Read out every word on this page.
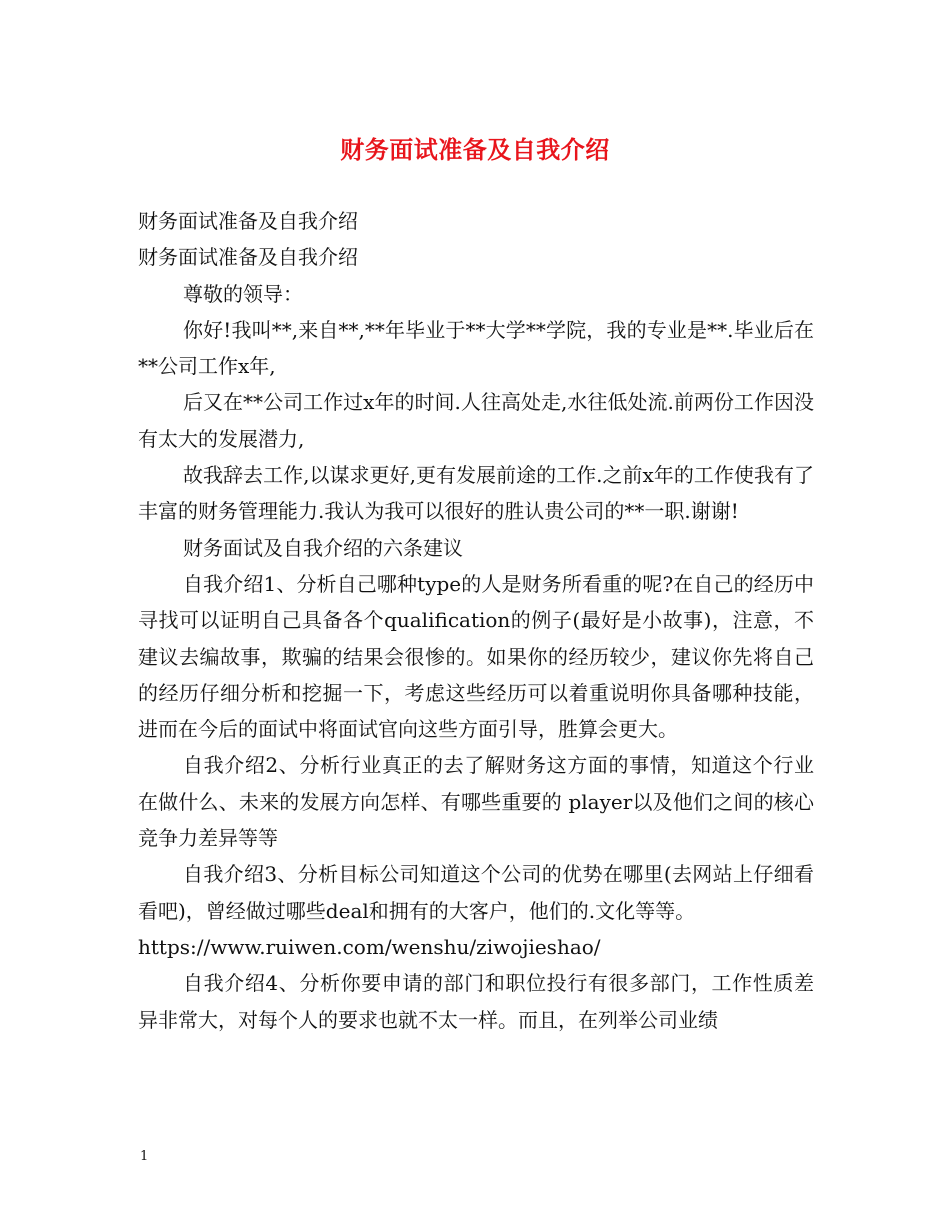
财务面试准备及自我介绍

财务面试准备及自我介绍

财务面试准备及自我介绍

尊敬的领导：

你好!我叫**,来自**,**年毕业于**大学**学院，我的专业是**.毕业后在**公司工作x年,

后又在**公司工作过x年的时间.人往高处走,水往低处流.前两份工作因没有太大的发展潜力,

故我辞去工作,以谋求更好,更有发展前途的工作.之前x年的工作使我有了丰富的财务管理能力.我认为我可以很好的胜认贵公司的**一职.谢谢!

财务面试及自我介绍的六条建议

自我介绍1、分析自己哪种type的人是财务所看重的呢?在自己的经历中寻找可以证明自己具备各个qualification的例子(最好是小故事)，注意，不建议去编故事，欺骗的结果会很惨的。如果你的经历较少，建议你先将自己的经历仔细分析和挖掘一下，考虑这些经历可以着重说明你具备哪种技能，进而在今后的面试中将面试官向这些方面引导，胜算会更大。

自我介绍2、分析行业真正的去了解财务这方面的事情，知道这个行业在做什么、未来的发展方向怎样、有哪些重要的 player以及他们之间的核心竞争力差异等等

自我介绍3、分析目标公司知道这个公司的优势在哪里(去网站上仔细看看吧)，曾经做过哪些deal和拥有的大客户，他们的.文化等等。

https://www.ruiwen.com/wenshu/ziwojieshao/

自我介绍4、分析你要申请的部门和职位投行有很多部门，工作性质差异非常大，对每个人的要求也就不太一样。而且，在列举公司业绩

1
